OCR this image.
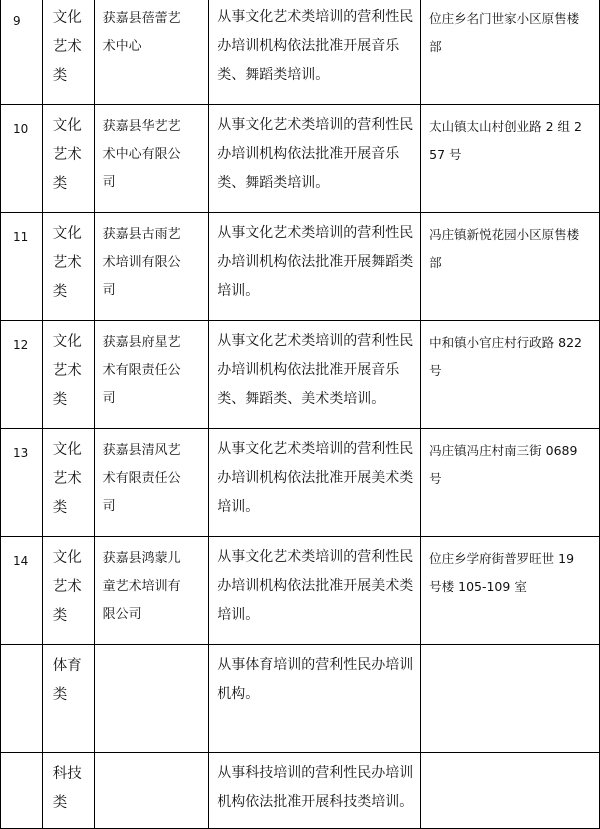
9	文化艺术类	获嘉县蓓蕾艺术中心	从事文化艺术类培训的营利性民办培训机构依法批准开展音乐类、舞蹈类培训。	位庄乡名门世家小区原售楼部

10	文化艺术类	获嘉县华艺艺术中心有限公司	从事文化艺术类培训的营利性民办培训机构依法批准开展音乐类、舞蹈类培训。	太山镇太山村创业路 2 组 257 号

11	文化艺术类	获嘉县古雨艺术培训有限公司	从事文化艺术类培训的营利性民办培训机构依法批准开展舞蹈类培训。	冯庄镇新悦花园小区原售楼部

12	文化艺术类	获嘉县府星艺术有限责任公司	从事文化艺术类培训的营利性民办培训机构依法批准开展音乐类、舞蹈类、美术类培训。	中和镇小官庄村行政路 822 号

13	文化艺术类	获嘉县清风艺术有限责任公司	从事文化艺术类培训的营利性民办培训机构依法批准开展美术类培训。	冯庄镇冯庄村南三街 0689 号

14	文化艺术类	获嘉县鸿蒙儿童艺术培训有限公司	从事文化艺术类培训的营利性民办培训机构依法批准开展美术类培训。	位庄乡学府街普罗旺世 19 号楼 105-109 室

	体育类		从事体育培训的营利性民办培训机构。	

	科技类		从事科技培训的营利性民办培训机构依法批准开展科技类培训。	
